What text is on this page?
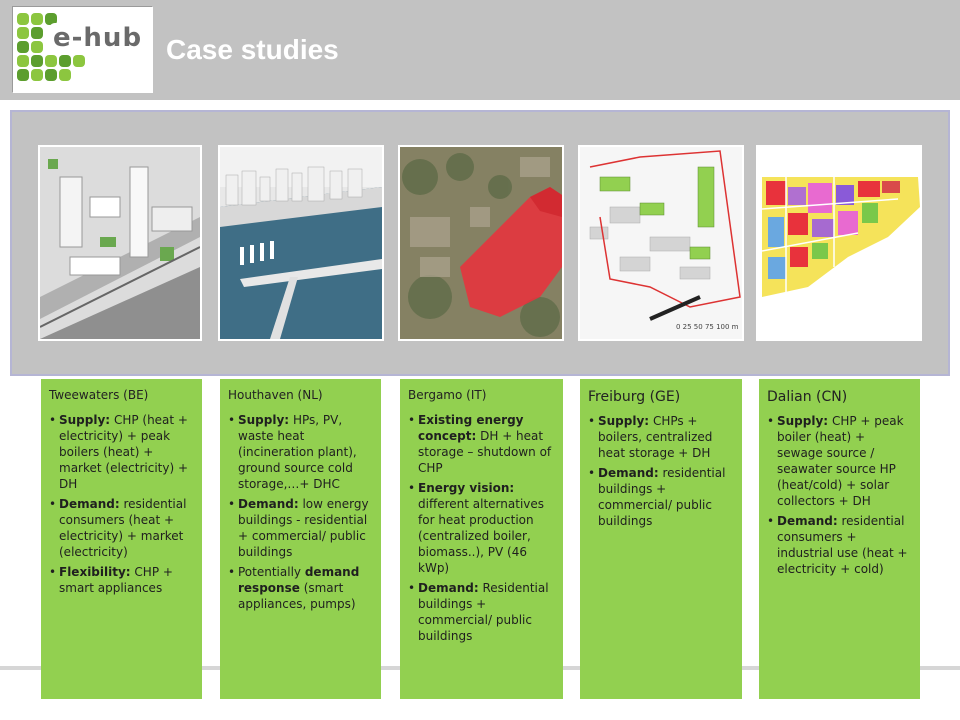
e-hub Case studies
0 25 50 75 100 m
Tweewaters (BE)
• Supply: CHP (heat + electricity) + peak boilers (heat) + market (electricity) + DH
• Demand: residential consumers (heat + electricity) + market (electricity)
• Flexibility: CHP + smart appliances
Houthaven (NL)
• Supply: HPs, PV, waste heat (incineration plant), ground source cold storage,…+ DHC
• Demand: low energy buildings - residential + commercial/ public buildings
• Potentially demand response (smart appliances, pumps)
Bergamo (IT)
• Existing energy concept: DH + heat storage – shutdown of CHP
• Energy vision: different alternatives for heat production (centralized boiler, biomass..), PV (46 kWp)
• Demand: Residential buildings + commercial/ public buildings
Freiburg (GE)
• Supply: CHPs + boilers, centralized heat storage + DH
• Demand: residential buildings + commercial/ public buildings
Dalian (CN)
• Supply: CHP + peak boiler (heat) + sewage source / seawater source HP (heat/cold) + solar collectors + DH
• Demand: residential consumers + industrial use (heat + electricity + cold)
